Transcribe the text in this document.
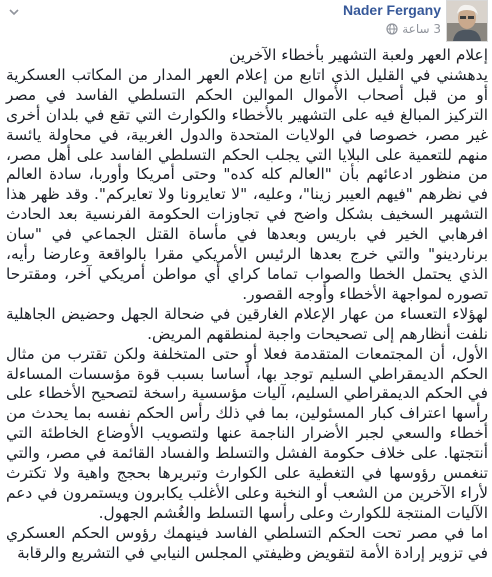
Nader Fergany
3 ساعة

إعلام العهر ولعبة التشهير بأخطاء الآخرين

يدهشني في القليل الذي اتابع من إعلام العهر المدار من المكاتب العسكرية أو من قبل أصحاب الأموال الموالين الحكم التسلطي الفاسد في مصر التركيز المبالغ فيه على التشهير بالأخطاء والكوارث التي تقع في بلدان أخرى غير مصر، خصوصا في الولايات المتحدة والدول الغربية، في محاولة يائسة منهم للتعمية على البلايا التي يجلب الحكم التسلطي الفاسد على أهل مصر، من منظور ادعائهم بأن "العالم كله كده" وحتى أمريكا وأوربا، سادة العالم في نظرهم "فيهم العيبر زينا"، وعليه، "لا تعايرونا ولا تعايركم". وقد ظهر هذا التشهير السخيف بشكل واضح في تجاوزات الحكومة الفرنسية بعد الحادث افرهابي الخير في باريس وبعدها في مأساة القتل الجماعي في "سان برناردينو" والتي خرج بعدها الرئيس الأمريكي مقرا بالواقعة وعارضا رأيه، الذي يحتمل الخطا والصواب تماما كراي أي مواطن أمريكي آخر، ومقترحا تصوره لمواجهة الأخطاء وأوجه القصور.

لهؤلاء التعساء من عهار الإعلام الغارقين في ضحالة الجهل وحضيض الجاهلية نلفت أنظارهم إلى تصحيحات واجبة لمنطقهم المريض.

الأول، أن المجتمعات المتقدمة فعلا أو حتى المتخلفة ولكن تقترب من مثال الحكم الديمقراطي السليم توجد بها، أساسا بسبب قوة مؤسسات المساءلة في الحكم الديمقراطي السليم، آليات مؤسسية راسخة لتصحيح الأخطاء على رأسها اعتراف كبار المسئولين، بما في ذلك رأس الحكم نفسه بما يحدث من أخطاء والسعي لجبر الأضرار الناجمة عنها ولتصويب الأوضاع الخاطئة التي أنتجتها. على خلاف حكومة الفشل والتسلط والفساد القائمة في مصر، والتي تنغمس رؤوسها في التغطية على الكوارث وتبريرها بحجج واهية ولا تكترث لأراء الآخرين من الشعب أو النخبة وعلى الأغلب يكابرون ويستمرون في دعم الآليات المنتجة للكوارث وعلى رأسها التسلط والغُشم الجهول.

اما في مصر تحت الحكم التسلطي الفاسد فينهمك رؤوس الحكم العسكري في تزوير إرادة الأمة لتقويض وظيفتي المجلس النيابي في التشريع والرقابة
